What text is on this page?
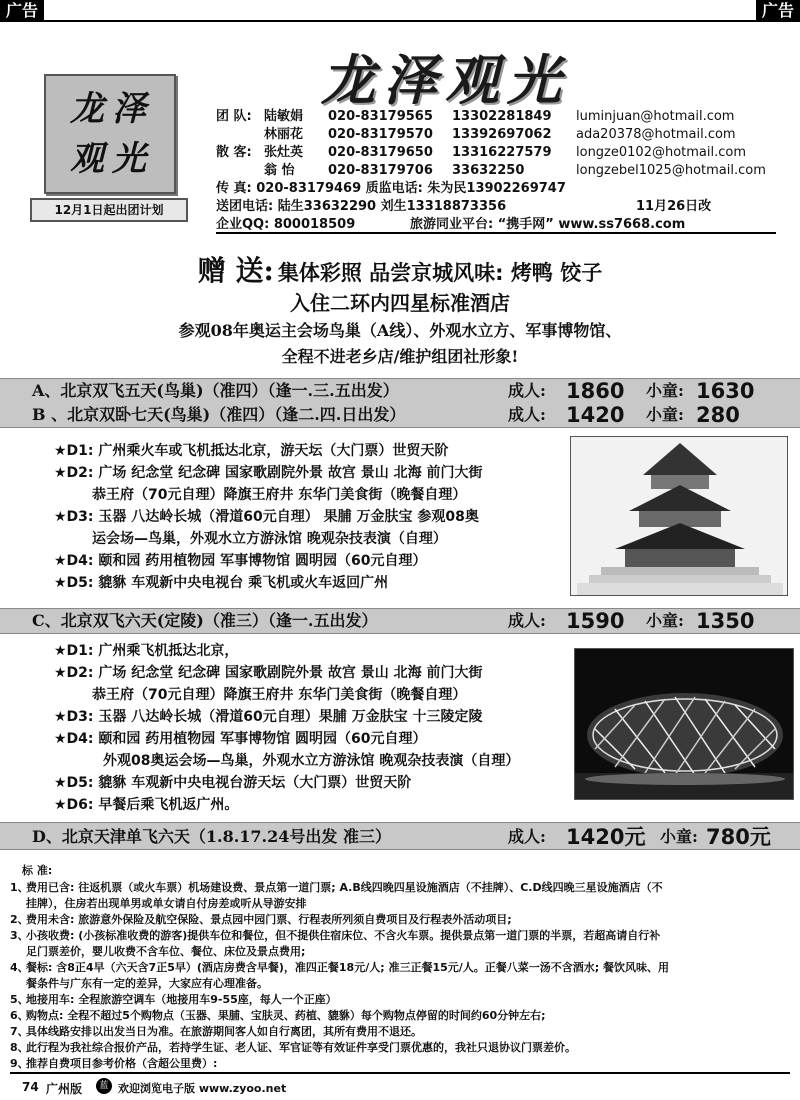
广告	广告
龙泽观光
龙泽
观光
12月1日起出团计划
团 队: 陆敏娟 020-83179565 13302281849 luminjuan@hotmail.com
林丽花 020-83179570 13392697062 ada20378@hotmail.com
散 客: 张灶英 020-83179650 13316227579 longze0102@hotmail.com
翁 怡	020-83179706 33632250	longzebel1025@hotmail.com
传 真: 020-83179469 质监电话: 朱为民13902269747
送团电话: 陆生33632290 刘生13318873356	11月26日改
企业QQ: 800018509	旅游同业平台: “携手网” www.ss7668.com
赠 送: 集体彩照 品尝京城风味: 烤鸭 饺子
入住二环内四星标准酒店
参观08年奥运主会场鸟巢（A线）、外观水立方、军事博物馆、
全程不进老乡店/维护组团社形象!
A、北京双飞五天(鸟巢)（准四）（逢一.三.五出发）	成人: 1860 小童: 1630
B 、北京双卧七天(鸟巢)（准四）（逢二.四.日出发）	成人: 1420 小童: 280
★D1: 广州乘火车或飞机抵达北京，游天坛（大门票）世贸天阶
★D2: 广场 纪念堂 纪念碑 国家歌剧院外景 故宫 景山 北海 前门大街
恭王府（70元自理）降旗王府井 东华门美食街（晚餐自理）
★D3: 玉器 八达岭长城（滑道60元自理） 果脯 万金肤宝 参观08奥
运会场—鸟巢，外观水立方游泳馆 晚观杂技表演（自理）
★D4: 颐和园 药用植物园 军事博物馆 圆明园（60元自理）
★D5: 貔貅 车观新中央电视台 乘飞机或火车返回广州
C、北京双飞六天(定陵)（准三）（逢一.五出发）	成人: 1590 小童: 1350
★D1: 广州乘飞机抵达北京，
★D2: 广场 纪念堂 纪念碑 国家歌剧院外景 故宫 景山 北海 前门大街
恭王府（70元自理）降旗王府井 东华门美食街（晚餐自理）
★D3: 玉器 八达岭长城（滑道60元自理）果脯 万金肤宝 十三陵定陵
★D4: 颐和园 药用植物园 军事博物馆 圆明园（60元自理）
外观08奥运会场—鸟巢，外观水立方游泳馆 晚观杂技表演（自理）
★D5: 貔貅 车观新中央电视台游天坛（大门票）世贸天阶
★D6: 早餐后乘飞机返广州。
D、北京天津单飞六天（1.8.17.24号出发 准三）	成人: 1420元 小童: 780元
标 准:
1、费用已含: 往返机票（或火车票）机场建设费、景点第一道门票; A.B线四晚四星设施酒店（不挂牌）、C.D线四晚三星设施酒店（不
挂牌），住房若出现单男或单女请自付房差或听从导游安排
2、费用未含: 旅游意外保险及航空保险、景点园中园门票、行程表所列须自费项目及行程表外活动项目;
3、小孩收费: (小孩标准收费的游客)提供车位和餐位，但不提供住宿床位、不含火车票。提供景点第一道门票的半票，若超高请自行补
足门票差价，婴儿收费不含车位、餐位、床位及景点费用;
4、餐标: 含8正4早（六天含7正5早）(酒店房费含早餐)，准四正餐18元/人; 准三正餐15元/人。正餐八菜一汤不含酒水; 餐饮风味、用
餐条件与广东有一定的差异，大家应有心理准备。
5、地接用车: 全程旅游空调车（地接用车9-55座，每人一个正座）
6、购物点: 全程不超过5个购物点（玉器、果脯、宝肤灵、药植、貔貅）每个购物点停留的时间约60分钟左右;
7、具体线路安排以出发当日为准。在旅游期间客人如自行离团，其所有费用不退还。
8、此行程为我社综合报价产品，若持学生证、老人证、军官证等有效证件享受门票优惠的，我社只退协议门票差价。
9、推荐自费项目参考价格（含超公里费）:
74 广州版	蓝 欢迎浏览电子版 www.zyoo.net
